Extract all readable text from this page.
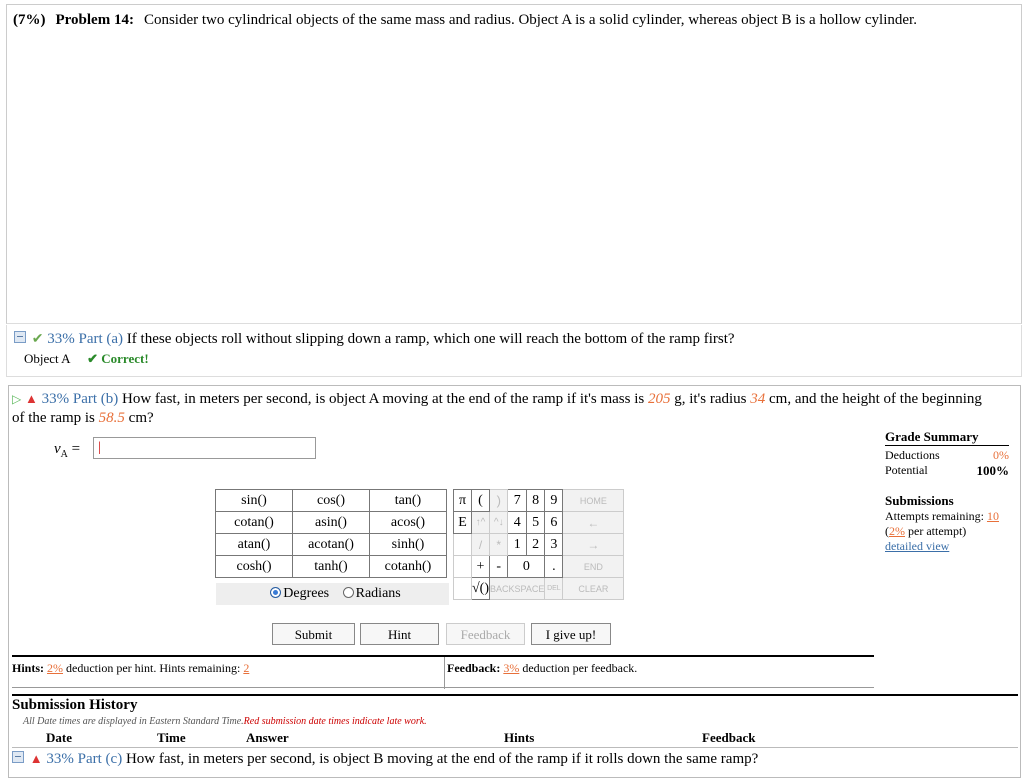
(7%) Problem 14: Consider two cylindrical objects of the same mass and radius. Object A is a solid cylinder, whereas object B is a hollow cylinder.
✔ 33% Part (a) If these objects roll without slipping down a ramp, which one will reach the bottom of the ramp first?
Object A ✔ Correct!
▷ ▲ 33% Part (b) How fast, in meters per second, is object A moving at the end of the ramp if it's mass is 205 g, it's radius 34 cm, and the height of the beginning of the ramp is 58.5 cm?
$v_A$ =	|
sin()	cos()	tan()
cotan()	asin()	acos()
atan()	acotan()	sinh()
cosh()	tanh()	cotanh()
Degrees Radians
π	(	)	7	8	9	HOME
E	↑^	^↓	4	5	6	←
	/	*	1	2	3	→
	+	-	0		.	END
	√()	BACKSPACE			DEL	CLEAR
Submit	Hint	Feedback	I give up!
Grade Summary
Deductions	0%
Potential	100%
Submissions
Attempts remaining: 10
(2% per attempt)
detailed view
Hints: 2% deduction per hint. Hints remaining: 2	Feedback: 3% deduction per feedback.
Submission History
All Date times are displayed in Eastern Standard Time.Red submission date times indicate late work.
Date	Time	Answer	Hints	Feedback
▲ 33% Part (c) How fast, in meters per second, is object B moving at the end of the ramp if it rolls down the same ramp?
